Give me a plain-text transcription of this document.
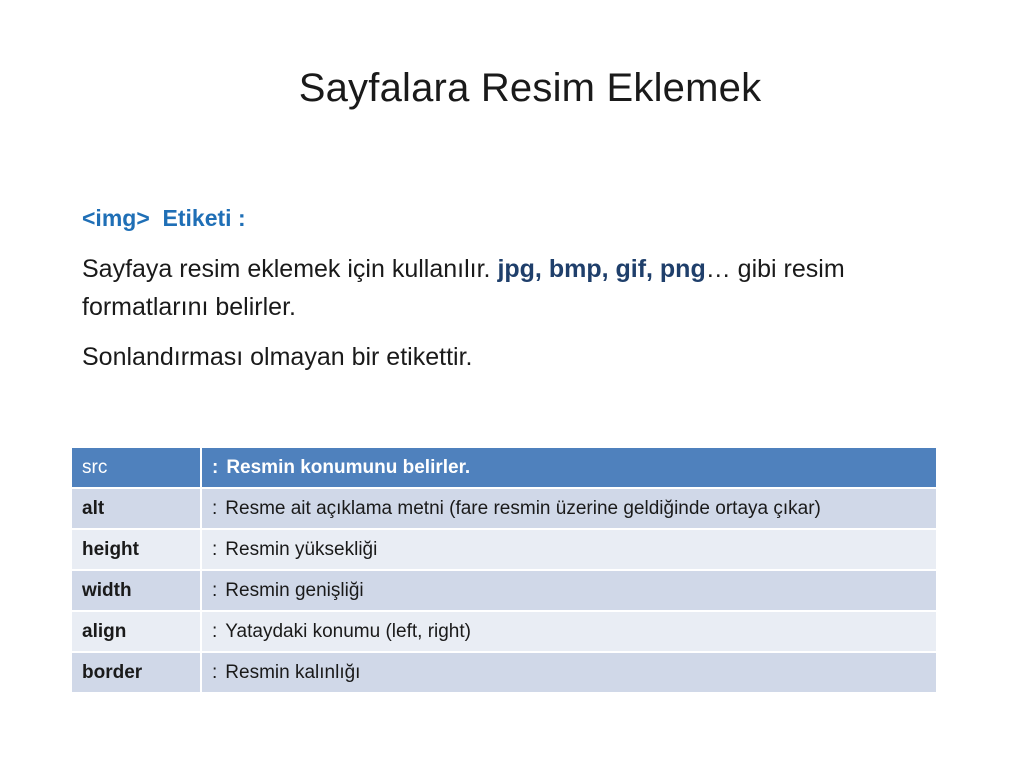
Sayfalara Resim Eklemek
<img>  Etiketi :

Sayfaya resim eklemek için kullanılır. jpg, bmp, gif, png… gibi resim formatlarını belirler.

Sonlandırması olmayan bir etikettir.

src	: Resmin konumunu belirler.
alt	: Resme ait açıklama metni (fare resmin üzerine geldiğinde ortaya çıkar)
height	: Resmin yüksekliği
width	: Resmin genişliği
align	: Yataydaki konumu (left, right)
border	: Resmin kalınlığı
